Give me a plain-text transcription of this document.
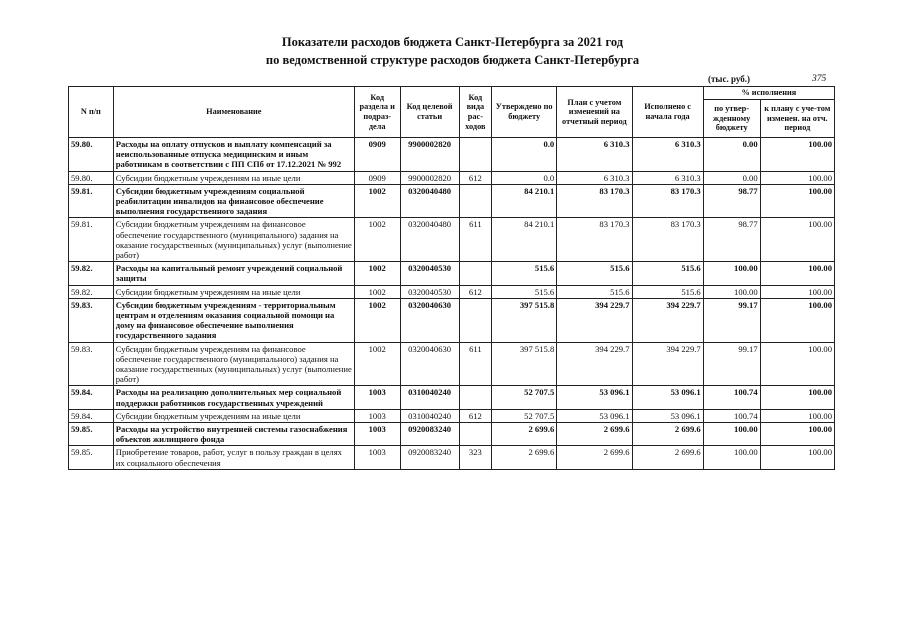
Показатели расходов бюджета Санкт-Петербурга за 2021 год
по ведомственной структуре расходов бюджета Санкт-Петербурга
(тыс. руб.)	375
N п/п	Наименование	Код раздела и подраз-дела	Код целевой статьи	Код вида рас-ходов	Утверждено по бюджету	План с учетом изменений на отчетный период	Исполнено с начала года	% исполнения	
								по утвер-жденному бюджету	к плану с уче-том изменен. на отч. период
59.80.	Расходы на оплату отпусков и выплату компенсаций за неиспользованные отпуска медицинским и иным работникам в соответствии с ПП СПб от 17.12.2021 № 992	0909	9900002820		0.0	6 310.3	6 310.3	0.00	100.00
59.80.	Субсидии бюджетным учреждениям на иные цели	0909	9900002820	612	0.0	6 310.3	6 310.3	0.00	100.00
59.81.	Субсидии бюджетным учреждениям социальной реабилитации инвалидов на финансовое обеспечение выполнения государственного задания	1002	0320040480		84 210.1	83 170.3	83 170.3	98.77	100.00
59.81.	Субсидии бюджетным учреждениям на финансовое обеспечение государственного (муниципального) задания на оказание государственных (муниципальных) услуг (выполнение работ)	1002	0320040480	611	84 210.1	83 170.3	83 170.3	98.77	100.00
59.82.	Расходы на капитальный ремонт учреждений социальной защиты	1002	0320040530		515.6	515.6	515.6	100.00	100.00
59.82.	Субсидии бюджетным учреждениям на иные цели	1002	0320040530	612	515.6	515.6	515.6	100.00	100.00
59.83.	Субсидии бюджетным учреждениям - территориальным центрам и отделениям оказания социальной помощи на дому на финансовое обеспечение выполнения государственного задания	1002	0320040630		397 515.8	394 229.7	394 229.7	99.17	100.00
59.83.	Субсидии бюджетным учреждениям на финансовое обеспечение государственного (муниципального) задания на оказание государственных (муниципальных) услуг (выполнение работ)	1002	0320040630	611	397 515.8	394 229.7	394 229.7	99.17	100.00
59.84.	Расходы на реализацию дополнительных мер социальной поддержки работников государственных учреждений	1003	0310040240		52 707.5	53 096.1	53 096.1	100.74	100.00
59.84.	Субсидии бюджетным учреждениям на иные цели	1003	0310040240	612	52 707.5	53 096.1	53 096.1	100.74	100.00
59.85.	Расходы на устройство внутренней системы газоснабжения объектов жилищного фонда	1003	0920083240		2 699.6	2 699.6	2 699.6	100.00	100.00
59.85.	Приобретение товаров, работ, услуг в пользу граждан в целях их социального обеспечения	1003	0920083240	323	2 699.6	2 699.6	2 699.6	100.00	100.00
